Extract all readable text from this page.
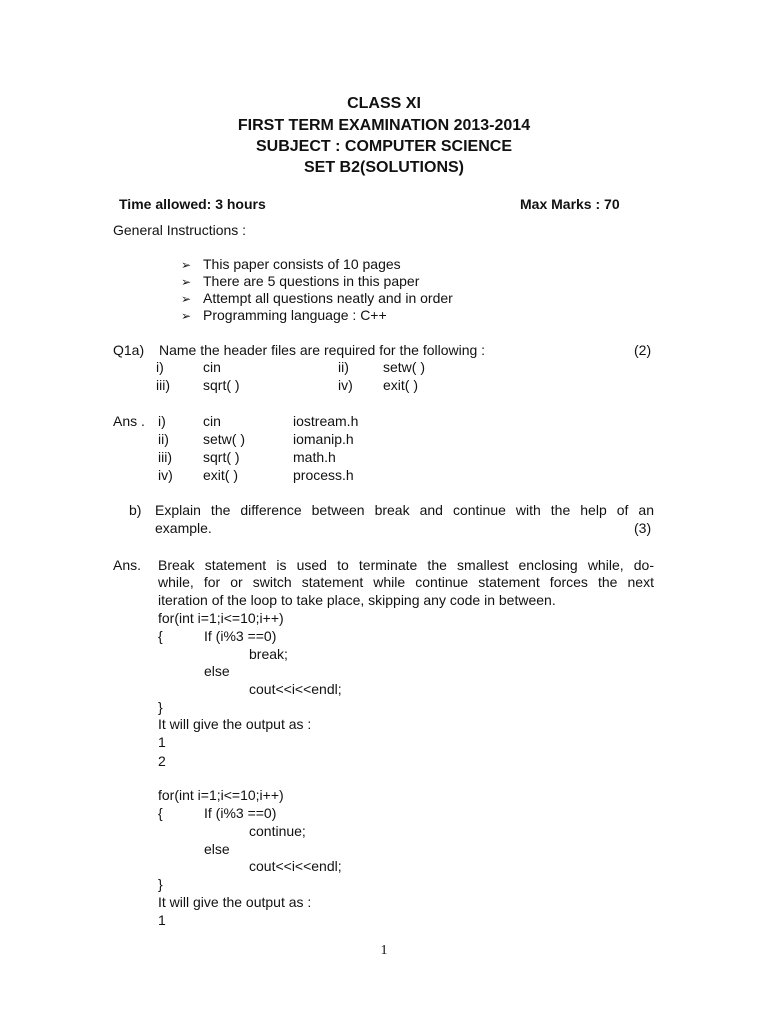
CLASS XI
FIRST TERM EXAMINATION 2013-2014
SUBJECT : COMPUTER SCIENCE
SET B2(SOLUTIONS)
Time allowed: 3 hours	Max Marks : 70
General Instructions :
➢ This paper consists of 10 pages
➢ There are 5 questions in this paper
➢ Attempt all questions neatly and in order
➢ Programming language : C++
Q1a) Name the header files are required for the following :	(2)
i)	cin	ii) setw( )
iii) sqrt( )	iv) exit( )
Ans . i)	cin	iostream.h
ii) setw( )	iomanip.h
iii) sqrt( )	math.h
iv) exit( )	process.h
b) Explain the difference between break and continue with the help of an
example.	(3)
Ans. Break statement is used to terminate the smallest enclosing while, do-
while, for or switch statement while continue statement forces the next
iteration of the loop to take place, skipping any code in between.
for(int i=1;i<=10;i++)
{	If (i%3 ==0)
break;
else
cout<<i<<endl;
}
It will give the output as :
1
2
for(int i=1;i<=10;i++)
{	If (i%3 ==0)
continue;
else
cout<<i<<endl;
}
It will give the output as :
1
1
